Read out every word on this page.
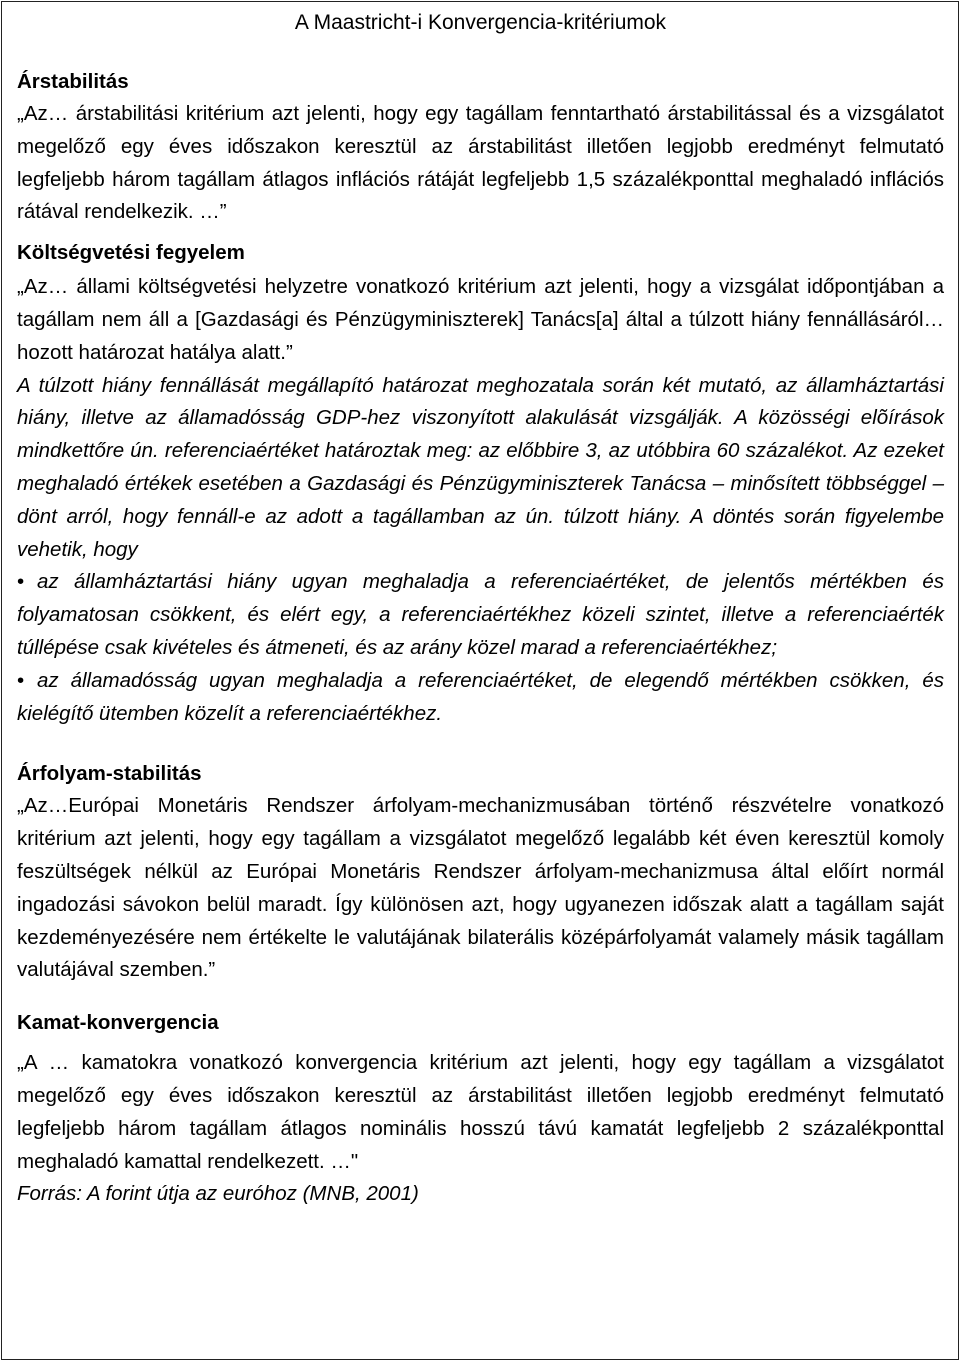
A Maastricht-i Konvergencia-kritériumok
Árstabilitás

„Az… árstabilitási kritérium azt jelenti, hogy egy tagállam fenntartható árstabilitással és a vizsgálatot megelőző egy éves időszakon keresztül az árstabilitást illetően legjobb eredményt felmutató legfeljebb három tagállam átlagos inflációs rátáját legfeljebb 1,5 százalékponttal meghaladó inflációs rátával rendelkezik. …”

Költségvetési fegyelem

„Az… állami költségvetési helyzetre vonatkozó kritérium azt jelenti, hogy a vizsgálat időpontjában a tagállam nem áll a [Gazdasági és Pénzügyminiszterek] Tanács[a] által a túlzott hiány fennállásáról… hozott határozat hatálya alatt.”

A túlzott hiány fennállását megállapító határozat meghozatala során két mutató, az államháztartási hiány, illetve az államadósság GDP-hez viszonyított alakulását vizsgálják. A közösségi elõírások mindkettőre ún. referenciaértéket határoztak meg: az előbbire 3, az utóbbira 60 százalékot. Az ezeket meghaladó értékek esetében a Gazdasági és Pénzügyminiszterek Tanácsa – minősített többséggel – dönt arról, hogy fennáll-e az adott a tagállamban az ún. túlzott hiány. A döntés során figyelembe vehetik, hogy

• az államháztartási hiány ugyan meghaladja a referenciaértéket, de jelentős mértékben és folyamatosan csökkent, és elért egy, a referenciaértékhez közeli szintet, illetve a referenciaérték túllépése csak kivételes és átmeneti, és az arány közel marad a referenciaértékhez;
• az államadósság ugyan meghaladja a referenciaértéket, de elegendő mértékben csökken, és kielégítő ütemben közelít a referenciaértékhez.
Árfolyam-stabilitás

„Az…Európai Monetáris Rendszer árfolyam-mechanizmusában történő részvételre vonatkozó kritérium azt jelenti, hogy egy tagállam a vizsgálatot megelőző legalább két éven keresztül komoly feszültségek nélkül az Európai Monetáris Rendszer árfolyam-mechanizmusa által előírt normál ingadozási sávokon belül maradt. Így különösen azt, hogy ugyanezen időszak alatt a tagállam saját kezdeményezésére nem értékelte le valutájának bilaterális középárfolyamát valamely másik tagállam valutájával szemben.”

Kamat-konvergencia

„A … kamatokra vonatkozó konvergencia kritérium azt jelenti, hogy egy tagállam a vizsgálatot megelőző egy éves időszakon keresztül az árstabilitást illetően legjobb eredményt felmutató legfeljebb három tagállam átlagos nominális hosszú távú kamatát legfeljebb 2 százalékponttal meghaladó kamattal rendelkezett. …"

Forrás: A forint útja az euróhoz (MNB, 2001)
